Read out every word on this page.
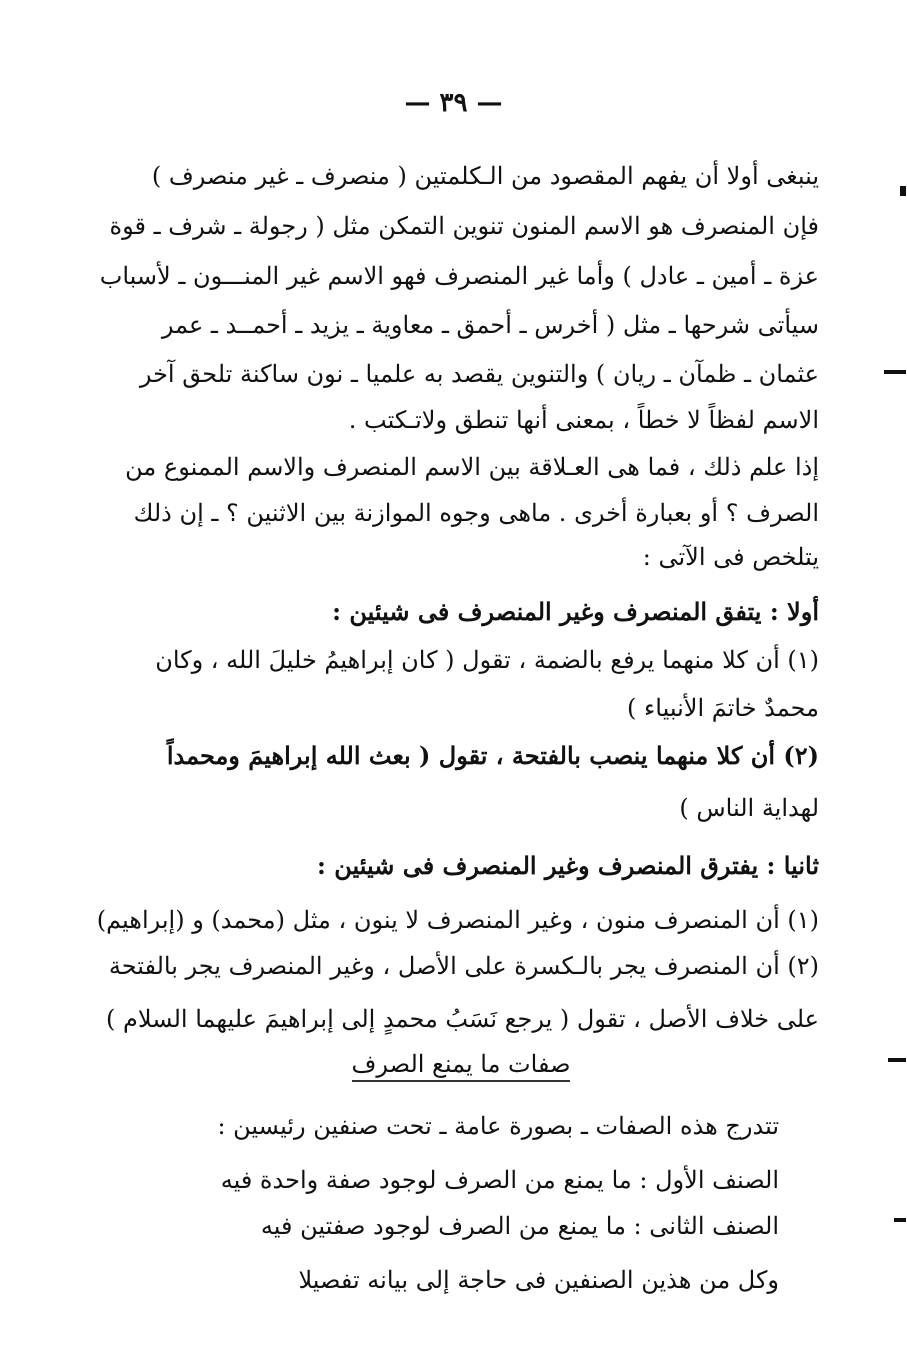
— ٣٩ —
ينبغى أولا أن يفهم المقصود من الـكلمتين ( منصرف ـ غير منصرف )
فإن المنصرف هو الاسم المنون تنوين التمكن مثل ( رجولة ـ شرف ـ قوة
عزة ـ أمين ـ عادل ) وأما غير المنصرف فهو الاسم غير المنـــون ـ لأسباب
سيأتى شرحها ـ مثل ( أخرس ـ أحمق ـ معاوية ـ يزيد ـ أحمــد ـ عمر
عثمان ـ ظمآن ـ ريان ) والتنوين يقصد به علميا ـ نون ساكنة تلحق آخر
الاسم لفظاً لا خطاً ، بمعنى أنها تنطق ولاتـكتب .
إذا علم ذلك ، فما هى العـلاقة بين الاسم المنصرف والاسم الممنوع من
الصرف ؟ أو بعبارة أخرى . ماهى وجوه الموازنة بين الاثنين ؟ ـ إن ذلك
يتلخص فى الآتى :
أولا : يتفق المنصرف وغير المنصرف فى شيئين :
(١) أن كلا منهما يرفع بالضمة ، تقول ( كان إبراهيمُ خليلَ الله ، وكان
محمدٌ خاتمَ الأنبياء )
(٢) أن كلا منهما ينصب بالفتحة ، تقول ( بعث الله إبراهيمَ ومحمداً
لهداية الناس )
ثانيا : يفترق المنصرف وغير المنصرف فى شيئين :
(١) أن المنصرف منون ، وغير المنصرف لا ينون ، مثل (محمد) و (إبراهيم)
(٢) أن المنصرف يجر بالـكسرة على الأصل ، وغير المنصرف يجر بالفتحة
على خلاف الأصل ، تقول ( يرجع نَسَبُ محمدٍ إلى إبراهيمَ عليهما السلام )
صفات ما يمنع الصرف
تتدرج هذه الصفات ـ بصورة عامة ـ تحت صنفين رئيسين :
الصنف الأول : ما يمنع من الصرف لوجود صفة واحدة فيه
الصنف الثانى : ما يمنع من الصرف لوجود صفتين فيه
وكل من هذين الصنفين فى حاجة إلى بيانه تفصيلا
